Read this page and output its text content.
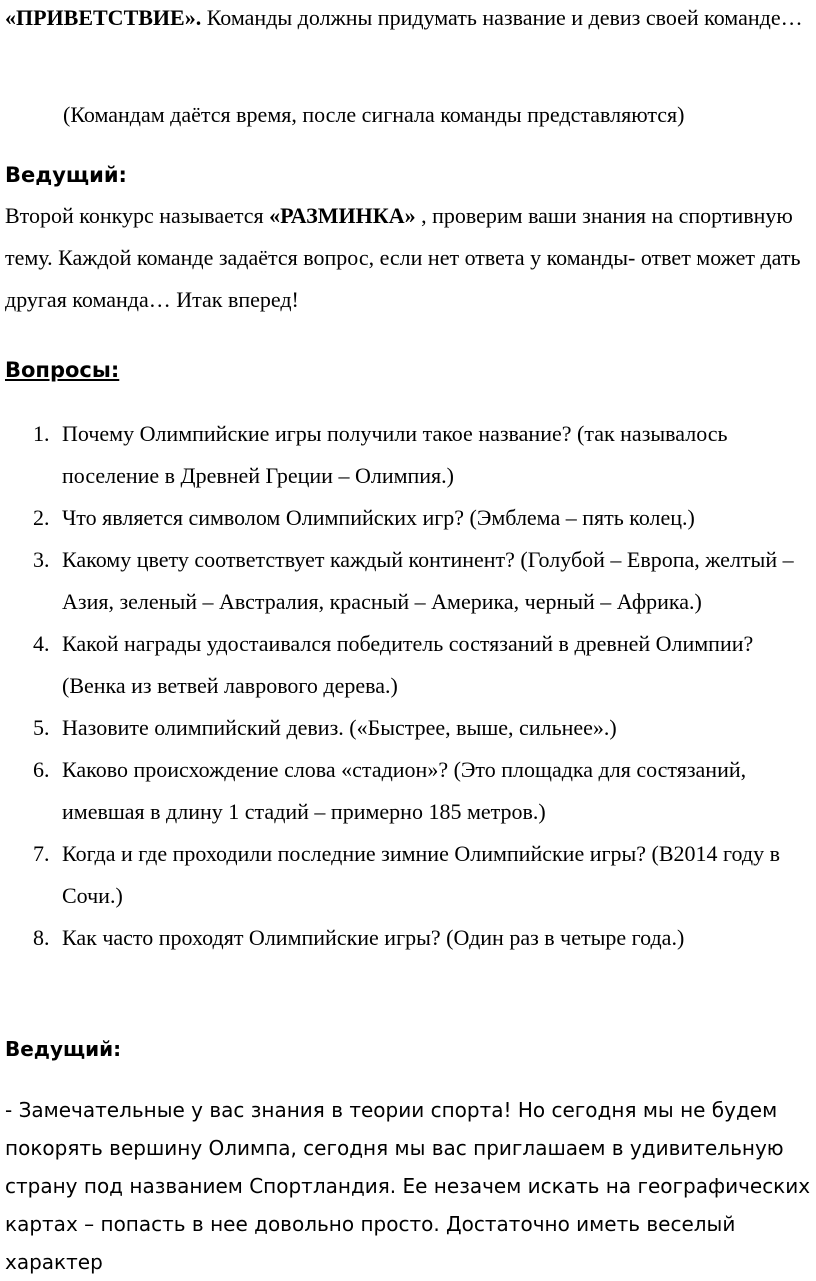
«ПРИВЕТСТВИЕ». Команды должны придумать название и девиз своей команде…
(Командам даётся время, после сигнала команды представляются)
Ведущий:
Второй конкурс называется «РАЗМИНКА» , проверим ваши знания на спортивную тему. Каждой команде задаётся вопрос, если нет ответа у команды- ответ может дать другая команда… Итак вперед!
Вопросы:
1. Почему Олимпийские игры получили такое название? (так называлось поселение в Древней Греции – Олимпия.)
2. Что является символом Олимпийских игр? (Эмблема – пять колец.)
3. Какому цвету соответствует каждый континент? (Голубой – Европа, желтый – Азия, зеленый – Австралия, красный – Америка, черный – Африка.)
4. Какой награды удостаивался победитель состязаний в древней Олимпии? (Венка из ветвей лаврового дерева.)
5. Назовите олимпийский девиз. («Быстрее, выше, сильнее».)
6. Каково происхождение слова «стадион»? (Это площадка для состязаний, имевшая в длину 1 стадий – примерно 185 метров.)
7. Когда и где проходили последние зимние Олимпийские игры? (В2014 году в Сочи.)
8. Как часто проходят Олимпийские игры? (Один раз в четыре года.)
Ведущий:
- Замечательные у вас знания в теории спорта! Но сегодня мы не будем покорять вершину Олимпа, сегодня мы вас приглашаем в удивительную страну под названием Спортландия. Ее незачем искать на географических картах – попасть в нее довольно просто. Достаточно иметь веселый характер
